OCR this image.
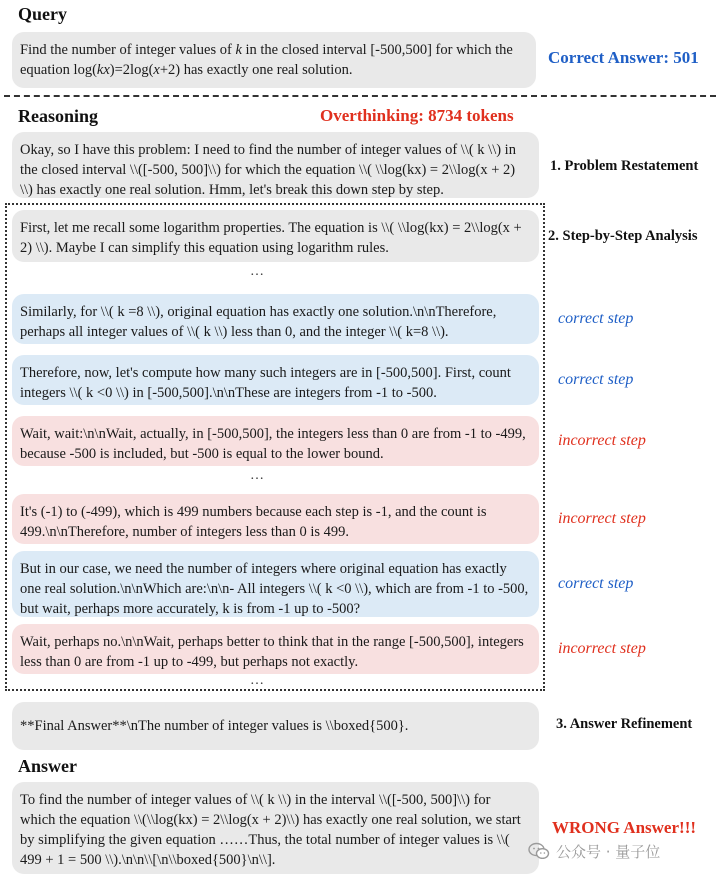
Query
Find the number of integer values of k in the closed interval [-500,500] for which the equation log(kx)=2log(x+2) has exactly one real solution.
Correct Answer: 501
Reasoning	Overthinking: 8734 tokens
Okay, so I have this problem: I need to find the number of integer values of \\( k \\) in the closed interval \\([-500, 500]\\) for which the equation \\( \\log(kx) = 2\\log(x + 2) \\) has exactly one real solution. Hmm, let's break this down step by step.
1. Problem Restatement
2. Step-by-Step Analysis
First, let me recall some logarithm properties. The equation is \\( \\log(kx) = 2\\log(x + 2) \\). Maybe I can simplify this equation using logarithm rules.
…
Similarly, for \\( k =8 \\), original equation has exactly one solution.\n\nTherefore, perhaps all integer values of \\( k \\) less than 0, and the integer \\( k=8 \\).
correct step
Therefore, now, let's compute how many such integers are in [-500,500]. First, count integers \\( k <0 \\) in [-500,500].\n\nThese are integers from -1 to -500.
correct step
Wait, wait:\n\nWait, actually, in [-500,500], the integers less than 0 are from -1 to -499, because -500 is included, but -500 is equal to the lower bound.
incorrect step
…
It's (-1) to (-499), which is 499 numbers because each step is -1, and the count is 499.\n\nTherefore, number of integers less than 0 is 499.
incorrect step
But in our case, we need the number of integers where original equation has exactly one real solution.\n\nWhich are:\n\n- All integers \\( k <0 \\), which are from -1 to -500, but wait, perhaps more accurately, k is from -1 up to -500?
correct step
Wait, perhaps no.\n\nWait, perhaps better to think that in the range [-500,500], integers less than 0 are from -1 up to -499, but perhaps not exactly.
incorrect step
…
**Final Answer**\nThe number of integer values is \\boxed{500}.	3. Answer Refinement
Answer
To find the number of integer values of \\( k \\) in the interval \\([-500, 500]\\) for which the equation \\(\\log(kx) = 2\\log(x + 2)\\) has exactly one real solution, we start by simplifying the given equation ……Thus, the total number of integer values is \\( 499 + 1 = 500 \\).\n\n\\[\n\\boxed{500}\n\\].
WRONG Answer!!!
公众号 · 量子位
